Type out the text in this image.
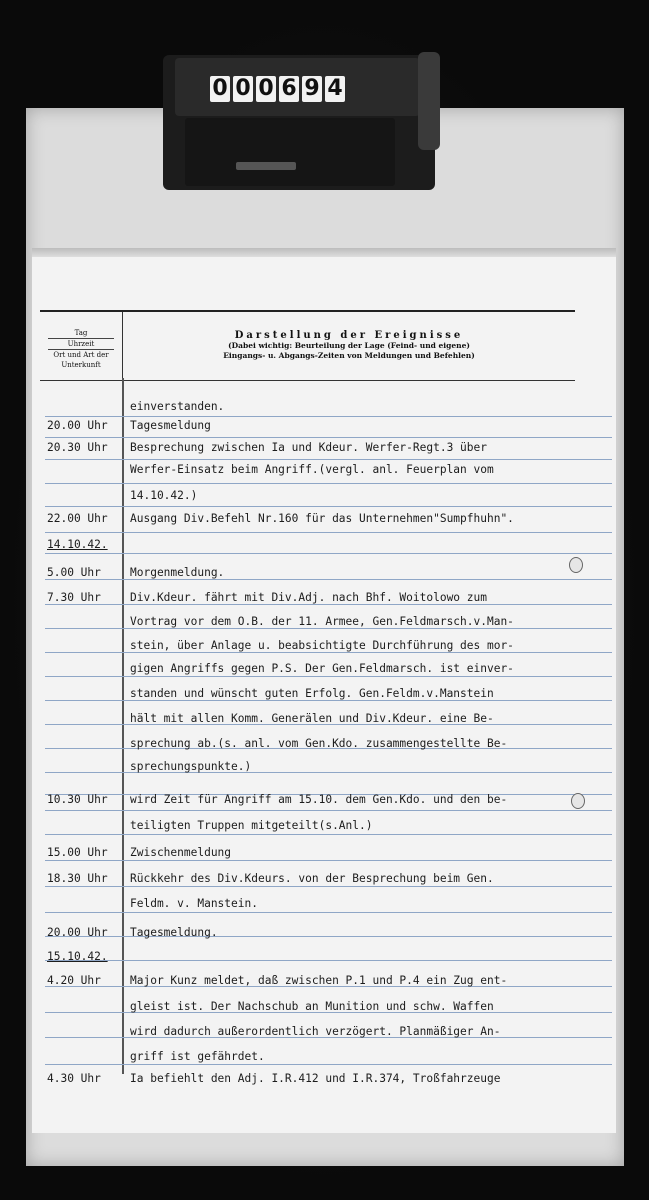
0 0 0 6 9 4
Tag
Uhrzeit
Ort und Art der
Unterkunft
Darstellung der Ereignisse
(Dabei wichtig: Beurteilung der Lage (Feind- und eigene)
Eingangs- u. Abgangs-Zeiten von Meldungen und Befehlen)
einverstanden.
20.00 Uhr	Tagesmeldung
20.30 Uhr	Besprechung zwischen Ia und Kdeur. Werfer-Regt.3 über
Werfer-Einsatz beim Angriff.(vergl. anl. Feuerplan vom
14.10.42.)
22.00 Uhr	Ausgang Div.Befehl Nr.160 für das Unternehmen"Sumpfhuhn".
14.10.42.
5.00 Uhr	Morgenmeldung.
7.30 Uhr	Div.Kdeur. fährt mit Div.Adj. nach Bhf. Woitolowo zum
Vortrag vor dem O.B. der 11. Armee, Gen.Feldmarsch.v.Man-
stein, über Anlage u. beabsichtigte Durchführung des mor-
gigen Angriffs gegen P.S. Der Gen.Feldmarsch. ist einver-
standen und wünscht guten Erfolg. Gen.Feldm.v.Manstein
hält mit allen Komm. Generälen und Div.Kdeur. eine Be-
sprechung ab.(s. anl. vom Gen.Kdo. zusammengestellte Be-
sprechungspunkte.)
10.30 Uhr	wird Zeit für Angriff am 15.10. dem Gen.Kdo. und den be-
teiligten Truppen mitgeteilt(s.Anl.)
15.00 Uhr	Zwischenmeldung
18.30 Uhr	Rückkehr des Div.Kdeurs. von der Besprechung beim Gen.
Feldm. v. Manstein.
20.00 Uhr	Tagesmeldung.
15.10.42.
4.20 Uhr	Major Kunz meldet, daß zwischen P.1 und P.4 ein Zug ent-
gleist ist. Der Nachschub an Munition und schw. Waffen
wird dadurch außerordentlich verzögert. Planmäßiger An-
griff ist gefährdet.
4.30 Uhr	Ia befiehlt den Adj. I.R.412 und I.R.374, Troßfahrzeuge
